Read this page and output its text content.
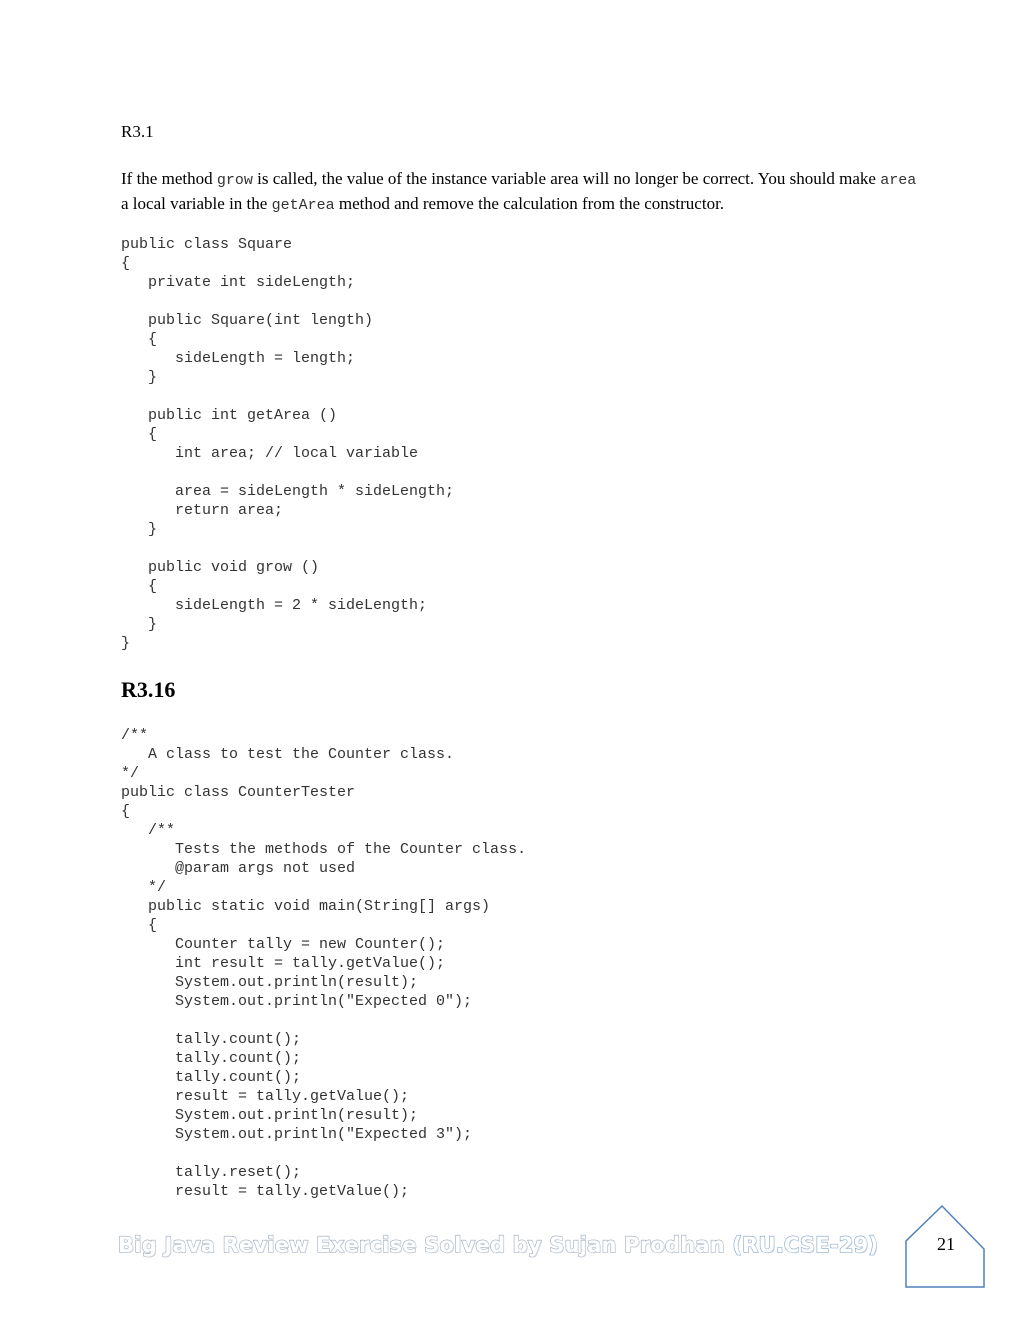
R3.1
If the method grow is called, the value of the instance variable area will no longer be correct. You should make area a local variable in the getArea method and remove the calculation from the constructor.
public class Square
{
private int sideLength;

public Square(int length)
{
sideLength = length;
}

public int getArea ()
{
int area; // local variable

area = sideLength * sideLength;
return area;
}

public void grow ()
{
sideLength = 2 * sideLength;
}
}
R3.16
/**
A class to test the Counter class.
*/
public class CounterTester
{
/**
Tests the methods of the Counter class.
@param args not used
*/
public static void main(String[] args)
{
Counter tally = new Counter();
int result = tally.getValue();
System.out.println(result);
System.out.println("Expected 0");

tally.count();
tally.count();
tally.count();
result = tally.getValue();
System.out.println(result);
System.out.println("Expected 3");

tally.reset();
result = tally.getValue();
Big Java Review Exercise Solved by Sujan Prodhan (RU.CSE-29)	21
